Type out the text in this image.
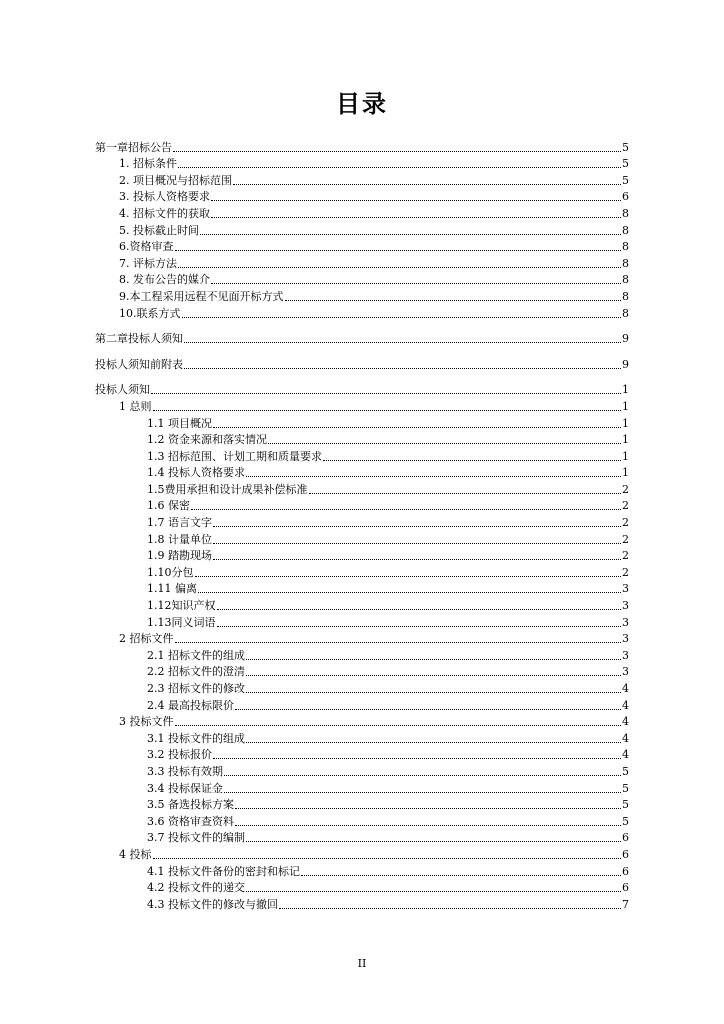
目录
第一章招标公告	5
1. 招标条件	5
2. 项目概况与招标范围	5
3. 投标人资格要求	6
4. 招标文件的获取	8
5. 投标截止时间	8
6.资格审查	8
7. 评标方法	8
8. 发布公告的媒介	8
9.本工程采用远程不见面开标方式	8
10.联系方式	8
第二章投标人须知	9
投标人须知前附表	9
投标人须知	1
1 总则	1
1.1 项目概况	1
1.2 资金来源和落实情况	1
1.3 招标范围、计划工期和质量要求	1
1.4 投标人资格要求	1
1.5费用承担和设计成果补偿标准	2
1.6 保密	2
1.7 语言文字	2
1.8 计量单位	2
1.9 踏勘现场	2
1.10分包	2
1.11 偏离	3
1.12知识产权	3
1.13同义词语	3
2 招标文件	3
2.1 招标文件的组成	3
2.2 招标文件的澄清	3
2.3 招标文件的修改	4
2.4 最高投标限价	4
3 投标文件	4
3.1 投标文件的组成	4
3.2 投标报价	4
3.3 投标有效期	5
3.4 投标保证金	5
3.5 备选投标方案	5
3.6 资格审查资料	5
3.7 投标文件的编制	6
4 投标	6
4.1 投标文件备份的密封和标记	6
4.2 投标文件的递交	6
4.3 投标文件的修改与撤回	7
II
